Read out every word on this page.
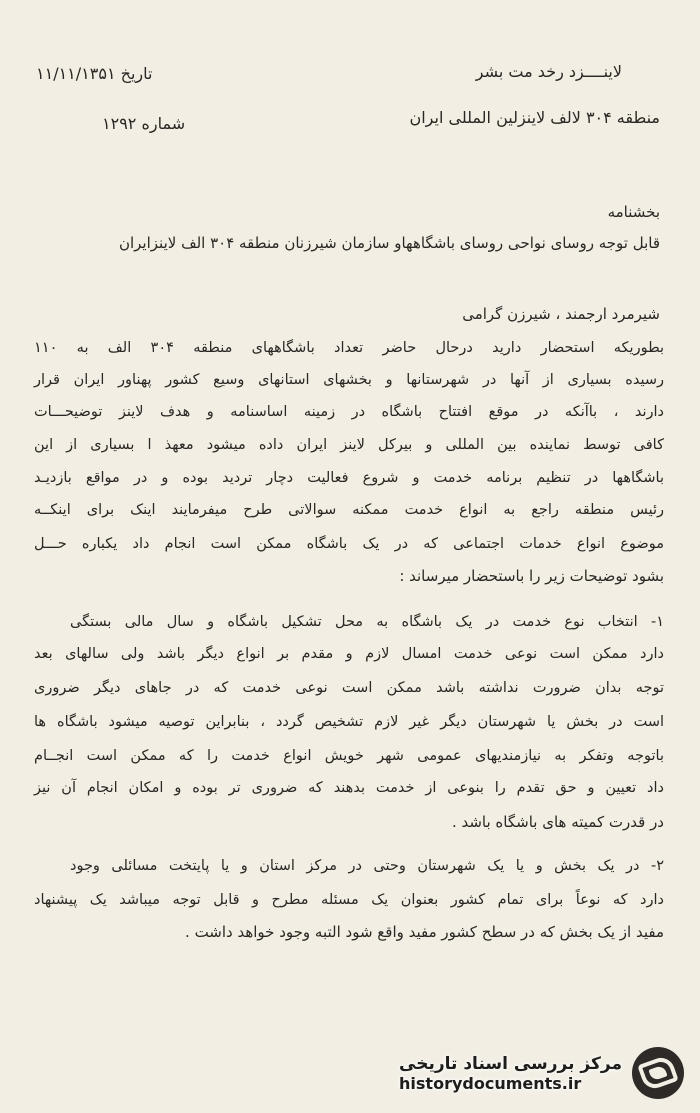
لاینــــزد رخد مت بشر
تاریخ ۱۱/۱۱/۱۳۵۱
منطقه ۳۰۴ لالف لاینزلین المللی ایران
شماره ۱۲۹۲
بخشنامه
قابل توجه روسای نواحی روسای باشگاههاو سازمان شیرزنان منطقه ۳۰۴ الف لاینزایران
شیرمرد ارجمند ، شیرزن گرامی
بطوریکه استحضار دارید درحال حاضر تعداد باشگاههای منطقه ۳۰۴ الف به ۱۱۰
رسیده بسیاری از آنها در شهرستانها و بخشهای استانهای وسیع کشور پهناور ایران قرار
دارند ، باآنکه در موقع افتتاح باشگاه در زمینه اساسنامه و هدف لاینز توضیحـــات
کافی توسط نماینده بین المللی و بیرکل لاینز ایران داده میشود معهذ ا بسیاری از این
باشگاهها در تنظیم برنامه خدمت و شروع فعالیت دچار تردید بوده و در مواقع بازدیـد
رئیس منطقه راجع به انواع خدمت ممکنه سوالاتی طرح میفرمایند اینک برای اینکــه
موضوع انواع خدمات اجتماعی که در یک باشگاه ممکن است انجام داد یکباره حـــل
بشود توضیحات زیر را باستحضار میرساند :
۱- انتخاب نوع خدمت در یک باشگاه به محل تشکیل باشگاه و سال مالی بستگی
دارد ممکن است نوعی خدمت امسال لازم و مقدم بر انواع دیگر باشد ولی سالهای بعد
توجه بدان ضرورت نداشته باشد ممکن است نوعی خدمت که در جاهای دیگر ضروری
است در بخش یا شهرستان دیگر غیر لازم تشخیص گردد ، بنابراین توصیه میشود باشگاه ها
باتوجه وتفکر به نیازمندیهای عمومی شهر خویش انواع خدمت را که ممکن است انجــام
داد تعیین و حق تقدم را بنوعی از خدمت بدهند که ضروری تر بوده و امکان انجام آن نیز
در قدرت کمیته های باشگاه باشد .
۲- در یک بخش و یا یک شهرستان وحتی در مرکز استان و یا پایتخت مسائلی وجود
دارد که نوعاً برای تمام کشور بعنوان یک مسئله مطرح و قابل توجه میباشد یک پیشنهاد
مفید از یک بخش که در سطح کشور مفید واقع شود التبه وجود خواهد داشت .
مرکز بررسی اسناد تاریخی
historydocuments.ir
